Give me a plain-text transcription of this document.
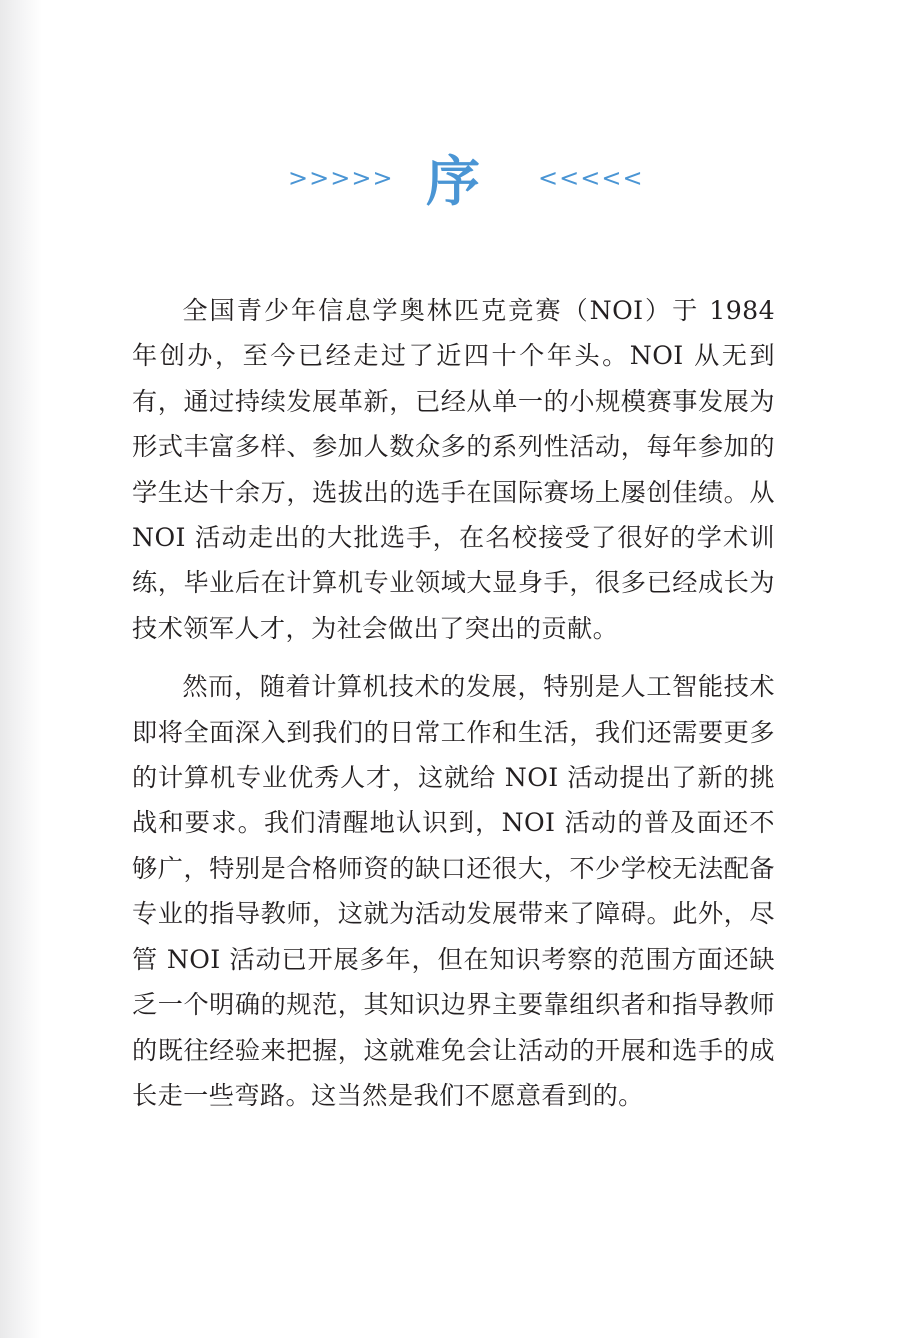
>>>>> 序 <<<<<

全国青少年信息学奥林匹克竞赛（NOI）于 1984 年创办，至今已经走过了近四十个年头。NOI 从无到有，通过持续发展革新，已经从单一的小规模赛事发展为形式丰富多样、参加人数众多的系列性活动，每年参加的学生达十余万，选拔出的选手在国际赛场上屡创佳绩。从 NOI 活动走出的大批选手，在名校接受了很好的学术训练，毕业后在计算机专业领域大显身手，很多已经成长为技术领军人才，为社会做出了突出的贡献。

然而，随着计算机技术的发展，特别是人工智能技术即将全面深入到我们的日常工作和生活，我们还需要更多的计算机专业优秀人才，这就给 NOI 活动提出了新的挑战和要求。我们清醒地认识到，NOI 活动的普及面还不够广，特别是合格师资的缺口还很大，不少学校无法配备专业的指导教师，这就为活动发展带来了障碍。此外，尽管 NOI 活动已开展多年，但在知识考察的范围方面还缺乏一个明确的规范，其知识边界主要靠组织者和指导教师的既往经验来把握，这就难免会让活动的开展和选手的成长走一些弯路。这当然是我们不愿意看到的。
